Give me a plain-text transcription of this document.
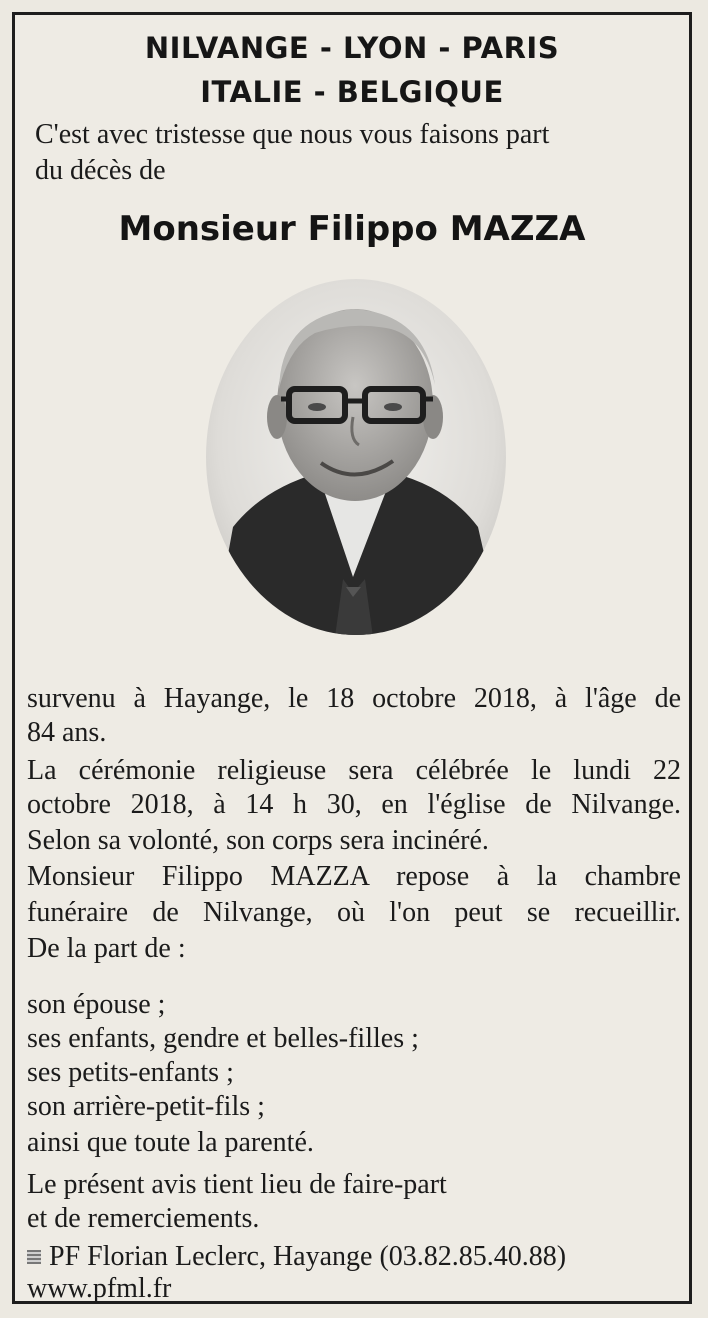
NILVANGE - LYON - PARIS
ITALIE - BELGIQUE
C'est avec tristesse que nous vous faisons part
du décès de
Monsieur Filippo MAZZA
survenu à Hayange, le 18 octobre 2018, à l'âge de
84 ans.
La cérémonie religieuse sera célébrée le lundi 22
octobre 2018, à 14 h 30, en l'église de Nilvange.
Selon sa volonté, son corps sera incinéré.
Monsieur Filippo MAZZA repose à la chambre
funéraire de Nilvange, où l'on peut se recueillir.
De la part de :
son épouse ;
ses enfants, gendre et belles-filles ;
ses petits-enfants ;
son arrière-petit-fils ;
ainsi que toute la parenté.
Le présent avis tient lieu de faire-part
et de remerciements.
PF Florian Leclerc, Hayange (03.82.85.40.88)
www.pfml.fr
